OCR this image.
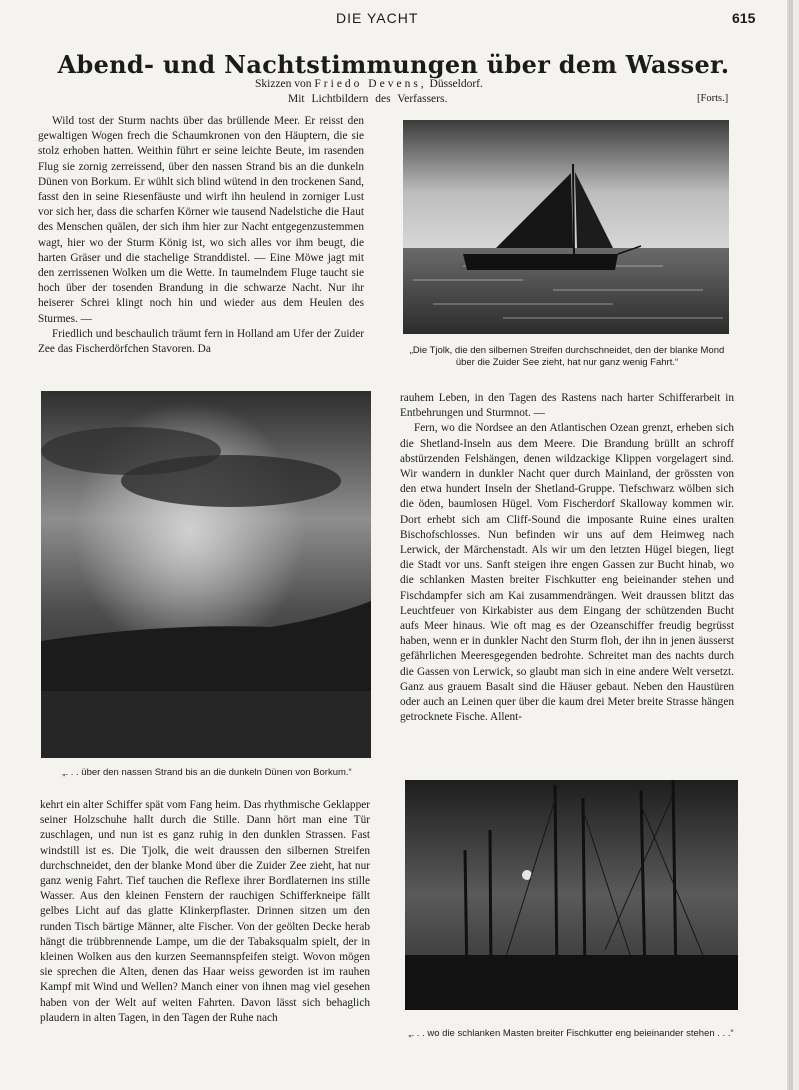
DIE YACHT	615
Abend- und Nachtstimmungen über dem Wasser.
Skizzen von Friedo Devens, Düsseldorf.
Mit Lichtbildern des Verfassers.	[Forts.]

Wild tost der Sturm nachts über das brüllende Meer. Er reisst den gewaltigen Wogen frech die Schaumkronen von den Häuptern, die sie stolz erhoben hatten. Weithin führt er seine leichte Beute, im rasenden Flug sie zornig zerreissend, über den nassen Strand bis an die dunkeln Dünen von Borkum. Er wühlt sich blind wütend in den trockenen Sand, fasst den in seine Riesenfäuste und wirft ihn heulend in zorniger Lust vor sich her, dass die scharfen Körner wie tausend Nadelstiche die Haut des Menschen quälen, der sich ihm hier zur Nacht entgegenzustemmen wagt, hier wo der Sturm König ist, wo sich alles vor ihm beugt, die harten Gräser und die stachelige Stranddistel. — Eine Möwe jagt mit den zerrissenen Wolken um die Wette. In taumelndem Fluge taucht sie hoch über der tosenden Brandung in die schwarze Nacht. Nur ihr heiserer Schrei klingt noch hin und wieder aus dem Heulen des Sturmes. —

Friedlich und beschaulich träumt fern in Holland am Ufer der Zuider Zee das Fischerdörfchen Stavoren. Da	„Die Tjolk, die den silbernen Streifen durchschneidet, den der blanke Mond über die Zuider See zieht, hat nur ganz wenig Fahrt.“
„. . . über den nassen Strand bis an die dunkeln Dünen von Borkum.“

rauhem Leben, in den Tagen des Rastens nach harter Schifferarbeit in Entbehrungen und Sturmnot. —

Fern, wo die Nordsee an den Atlantischen Ozean grenzt, erheben sich die Shetland-Inseln aus dem Meere. Die Brandung brüllt an schroff abstürzenden Felshängen, denen wildzackige Klippen vorgelagert sind. Wir wandern in dunkler Nacht quer durch Mainland, der grössten von den etwa hundert Inseln der Shetland-Gruppe. Tiefschwarz wölben sich die öden, baumlosen Hügel. Vom Fischerdorf Skalloway kommen wir. Dort erhebt sich am Cliff-Sound die imposante Ruine eines uralten Bischofschlosses. Nun befinden wir uns auf dem Heimweg nach Lerwick, der Märchenstadt. Als wir um den letzten Hügel biegen, liegt die Stadt vor uns. Sanft steigen ihre engen Gassen zur Bucht hinab, wo die schlanken Masten breiter Fischkutter eng beieinander stehen und Fischdampfer sich am Kai zusammendrängen. Weit draussen blitzt das Leuchtfeuer von Kirkabister aus dem Eingang der schützenden Bucht aufs Meer hinaus. Wie oft mag es der Ozeanschiffer freudig begrüsst haben, wenn er in dunkler Nacht den Sturm floh, der ihn in jenen äusserst gefährlichen Meeresgegenden bedrohte. Schreitet man des nachts durch die Gassen von Lerwick, so glaubt man sich in eine andere Welt versetzt. Ganz aus grauem Basalt sind die Häuser gebaut. Neben den Haustüren oder auch an Leinen quer über die kaum drei Meter breite Strasse hängen getrocknete Fische. Allent-

kehrt ein alter Schiffer spät vom Fang heim. Das rhythmische Geklapper seiner Holzschuhe hallt durch die Stille. Dann hört man eine Tür zuschlagen, und nun ist es ganz ruhig in den dunklen Strassen. Fast windstill ist es. Die Tjolk, die weit draussen den silbernen Streifen durchschneidet, den der blanke Mond über die Zuider Zee zieht, hat nur ganz wenig Fahrt. Tief tauchen die Reflexe ihrer Bordlaternen ins stille Wasser. Aus den kleinen Fenstern der rauchigen Schifferkneipe fällt gelbes Licht auf das glatte Klinkerpflaster. Drinnen sitzen um den runden Tisch bärtige Männer, alte Fischer. Von der geölten Decke herab hängt die trübbrennende Lampe, um die der Tabaksqualm spielt, der in kleinen Wolken aus den kurzen Seemannspfeifen steigt. Wovon mögen sie sprechen die Alten, denen das Haar weiss geworden ist im rauhen Kampf mit Wind und Wellen? Manch einer von ihnen mag viel gesehen haben von der Welt auf weiten Fahrten. Davon lässt sich behaglich plaudern in alten Tagen, in den Tagen der Ruhe nach

„. . . wo die schlanken Masten breiter Fischkutter eng beieinander stehen . . .“
